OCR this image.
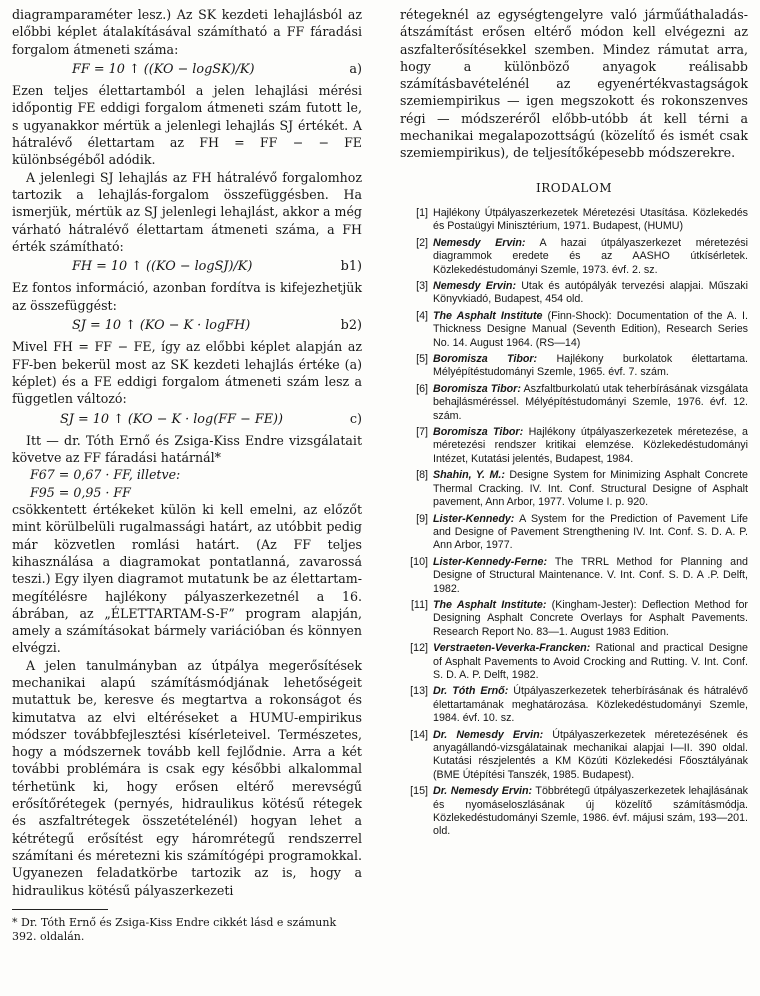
diagramparaméter lesz.) Az SK kezdeti lehajlásból az előbbi képlet átalakításával számítható a FF fáradási forgalom átmeneti száma:

FF = 10 ↑ ((KO − logSK)/K)	a)

Ezen teljes élettartamból a jelen lehajlási mérési időpontig FE eddigi forgalom átmeneti szám futott le, s ugyanakkor mértük a jelenlegi lehajlás SJ értékét. A hátralévő élettartam az FH = FF − − FE különbségéből adódik.

A jelenlegi SJ lehajlás az FH hátralévő forgalomhoz tartozik a lehajlás-forgalom összefüggésben. Ha ismerjük, mértük az SJ jelenlegi lehajlást, akkor a még várható hátralévő élettartam átmeneti száma, a FH érték számítható:

FH = 10 ↑ ((KO − logSJ)/K)	b1)

Ez fontos információ, azonban fordítva is kifejezhetjük az összefüggést:

SJ = 10 ↑ (KO − K · logFH)	b2)

Mivel FH = FF − FE, így az előbbi képlet alapján az FF-ben bekerül most az SK kezdeti lehajlás értéke (a) képlet) és a FE eddigi forgalom átmeneti szám lesz a független változó:

SJ = 10 ↑ (KO − K · log(FF − FE))	c)

Itt — dr. Tóth Ernő és Zsiga-Kiss Endre vizsgálatait követve az FF fáradási határnál*

F67 = 0,67 · FF, illetve:
F95 = 0,95 · FF

csökkentett értékeket külön ki kell emelni, az előzőt mint körülbelüli rugalmassági határt, az utóbbit pedig már közvetlen romlási határt. (Az FF teljes kihasználása a diagramokat pontatlanná, zavarossá teszi.) Egy ilyen diagramot mutatunk be az élettartam-megítélésre hajlékony pályaszerkezetnél a 16. ábrában, az „ÉLETTARTAM-S-F” program alapján, amely a számításokat bármely variációban és könnyen elvégzi.

A jelen tanulmányban az útpálya megerősítések mechanikai alapú számításmódjának lehetőségeit mutattuk be, keresve és megtartva a rokonságot és kimutatva az elvi eltéréseket a HUMU-empirikus módszer továbbfejlesztési kísérleteivel. Természetes, hogy a módszernek tovább kell fejlődnie. Arra a két további problémára is csak egy későbbi alkalommal térhetünk ki, hogy erősen eltérő merevségű erősítőrétegek (pernyés, hidraulikus kötésű rétegek és aszfaltrétegek összetételénél) hogyan lehet a kétrétegű erősítést egy háromrétegű rendszerrel számítani és méretezni kis számítógépi programokkal. Ugyanezen feladatkörbe tartozik az is, hogy a hidraulikus kötésű pályaszerkezeti

* Dr. Tóth Ernő és Zsiga-Kiss Endre cikkét lásd e számunk 392. oldalán.

rétegeknél az egységtengelyre való járműáthaladás-átszámítást erősen eltérő módon kell elvégezni az aszfalterősítésekkel szemben. Mindez rámutat arra, hogy a különböző anyagok reálisabb számításbavételénél az egyenértékvastagságok szemiempirikus — igen megszokott és rokonszenves régi — módszeréről előbb-utóbb át kell térni a mechanikai megalapozottságú (közelítő és ismét csak szemiempirikus), de teljesítőképesebb módszerekre.

IRODALOM
[1] Hajlékony Útpályaszerkezetek Méretezési Utasítása. Közlekedés és Postaügyi Minisztérium, 1971. Budapest, (HUMU)
[2] Nemesdy Ervin: A hazai útpályaszerkezet méretezési diagrammok eredete és az AASHO útkísérletek. Közlekedéstudományi Szemle, 1973. évf. 2. sz.
[3] Nemesdy Ervin: Utak és autópályák tervezési alapjai. Műszaki Könyvkiadó, Budapest, 454 old.
[4] The Asphalt Institute (Finn-Shock): Documentation of the A. I. Thickness Designe Manual (Seventh Edition), Research Series No. 14. August 1964. (RS—14)
[5] Boromisza Tibor: Hajlékony burkolatok élettartama. Mélyépítéstudományi Szemle, 1965. évf. 7. szám.
[6] Boromisza Tibor: Aszfaltburkolatú utak teherbírásának vizsgálata behajlásméréssel. Mélyépítéstudományi Szemle, 1976. évf. 12. szám.
[7] Boromisza Tibor: Hajlékony útpályaszerkezetek méretezése, a méretezési rendszer kritikai elemzése. Közlekedéstudományi Intézet, Kutatási jelentés, Budapest, 1984.
[8] Shahin, Y. M.: Designe System for Minimizing Asphalt Concrete Thermal Cracking. IV. Int. Conf. Structural Designe of Asphalt pavement, Ann Arbor, 1977. Volume I. p. 920.
[9] Lister-Kennedy: A System for the Prediction of Pavement Life and Designe of Pavement Strengthening IV. Int. Conf. S. D. A. P. Ann Arbor, 1977.
[10] Lister-Kennedy-Ferne: The TRRL Method for Planning and Designe of Structural Maintenance. V. Int. Conf. S. D. A .P. Delft, 1982.
[11] The Asphalt Institute: (Kingham-Jester): Deflection Method for Designing Asphalt Concrete Overlays for Asphalt Pavements. Research Report No. 83—1. August 1983 Edition.
[12] Verstraeten-Veverka-Francken: Rational and practical Designe of Asphalt Pavements to Avoid Crocking and Rutting. V. Int. Conf. S. D. A. P. Delft, 1982.
[13] Dr. Tóth Ernő: Útpályaszerkezetek teherbírásának és hátralévő élettartamának meghatározása. Közlekedéstudományi Szemle, 1984. évf. 10. sz.
[14] Dr. Nemesdy Ervin: Útpályaszerkezetek méretezésének és anyagállandó-vizsgálatainak mechanikai alapjai I—II. 390 oldal. Kutatási részjelentés a KM Közúti Közlekedési Főosztályának (BME Útépítési Tanszék, 1985. Budapest).
[15] Dr. Nemesdy Ervin: Többrétegű útpályaszerkezetek lehajlásának és nyomáseloszlásának új közelítő számításmódja. Közlekedéstudományi Szemle, 1986. évf. májusi szám, 193—201. old.
